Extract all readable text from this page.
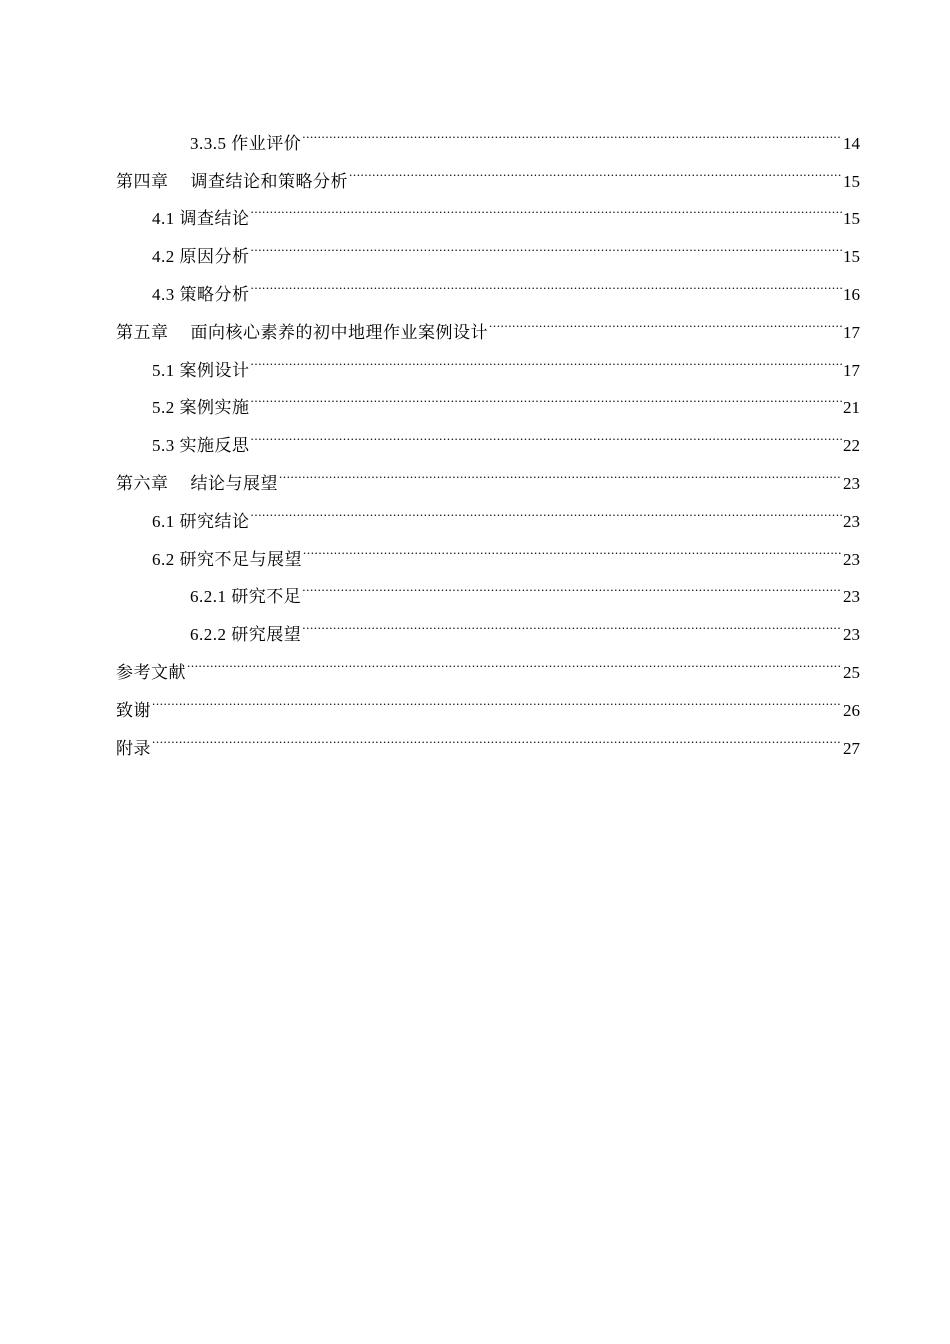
3.3.5 作业评价 .....	14
第四章 调查结论和策略分析 .....	15
4.1 调查结论 .....	15
4.2 原因分析 .....	15
4.3 策略分析 .....	16
第五章 面向核心素养的初中地理作业案例设计 .....	17
5.1 案例设计 .....	17
5.2 案例实施 .....	21
5.3 实施反思 .....	22
第六章 结论与展望 .....	23
6.1 研究结论 .....	23
6.2 研究不足与展望 .....	23
6.2.1 研究不足 .....	23
6.2.2 研究展望 .....	23
参考文献 .....	25
致谢 .....	26
附录 .....	27
